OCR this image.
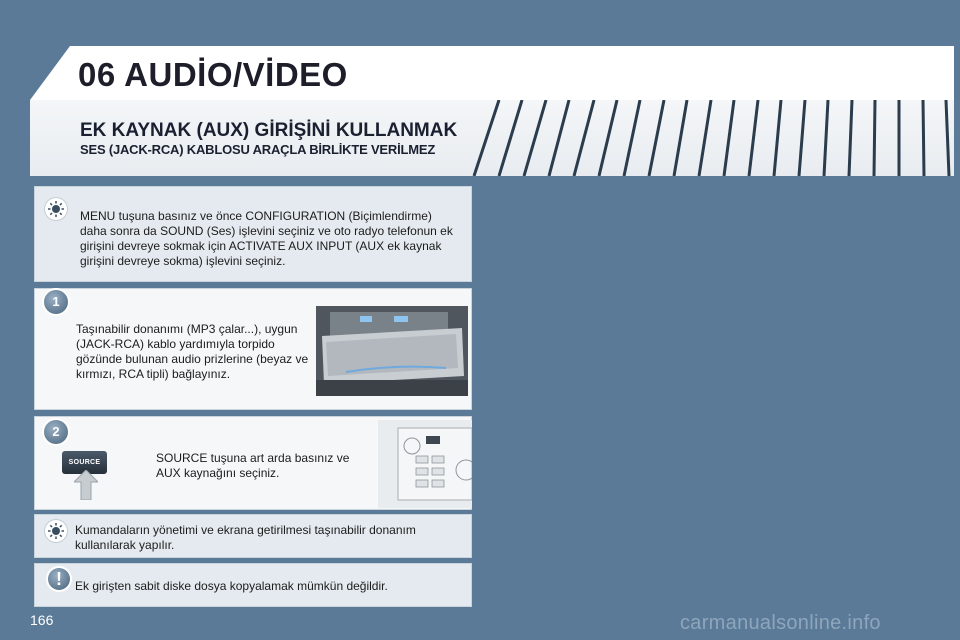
06 AUDİO/VİDEO
EK KAYNAK (AUX) GİRİŞİNİ KULLANMAK
SES (JACK-RCA) KABLOSU ARAÇLA BİRLİKTE VERİLMEZ
MENU tuşuna basınız ve önce CONFIGURATION (Biçimlendirme) daha sonra da SOUND (Ses) işlevini seçiniz ve oto radyo telefonun ek girişini devreye sokmak için ACTIVATE AUX INPUT (AUX ek kaynak girişini devreye sokma) işlevini seçiniz.
1
Taşınabilir donanımı (MP3 çalar...), uygun (JACK-RCA) kablo yardımıyla torpido gözünde bulunan audio prizlerine (beyaz ve kırmızı, RCA tipli) bağlayınız.
2
SOURCE	SOURCE tuşuna art arda basınız ve AUX kaynağını seçiniz.
Kumandaların yönetimi ve ekrana getirilmesi taşınabilir donanım kullanılarak yapılır.
!	Ek girişten sabit diske dosya kopyalamak mümkün değildir.
166	carmanualsonline.info
